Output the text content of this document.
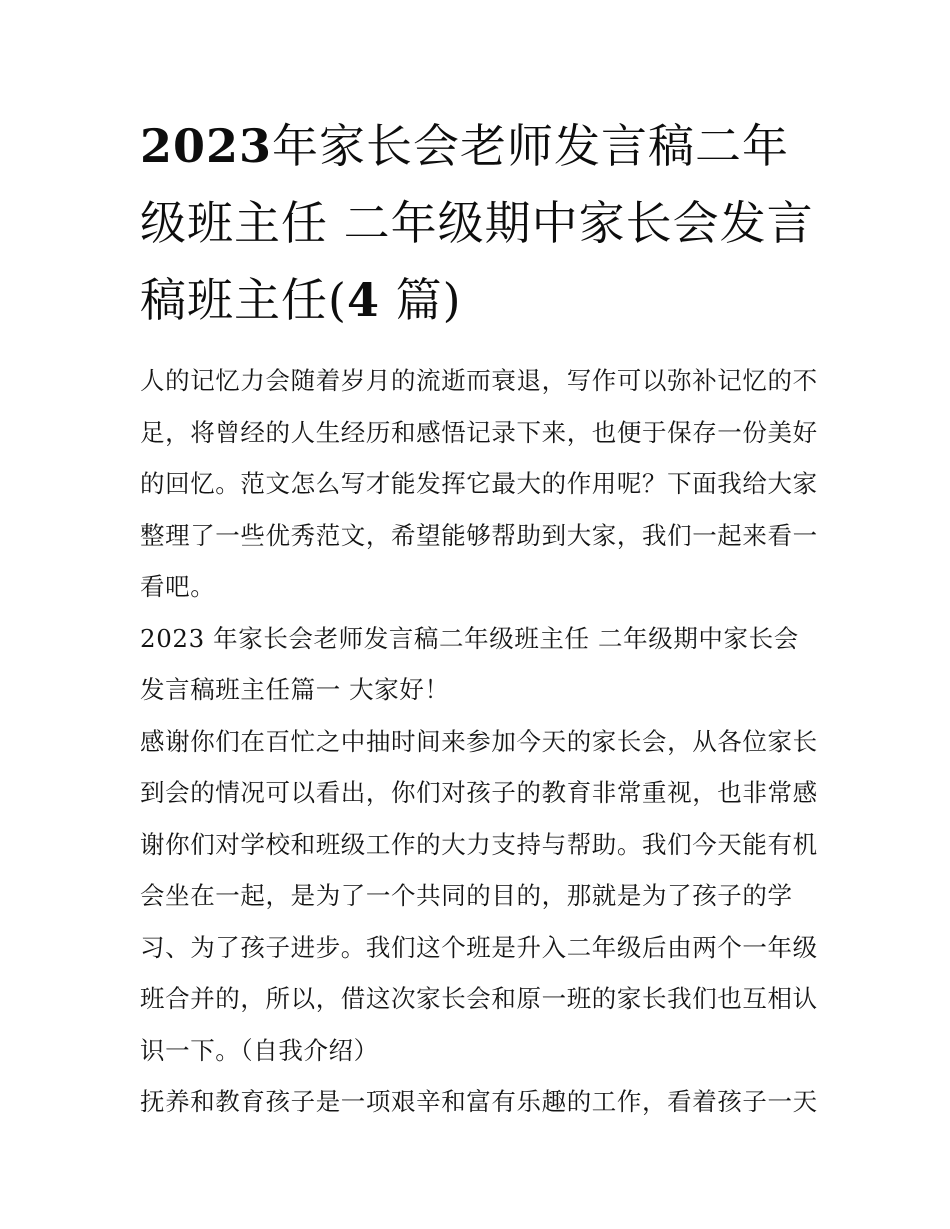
2023年家长会老师发言稿二年级班主任 二年级期中家长会发言稿班主任(4 篇)

人的记忆力会随着岁月的流逝而衰退，写作可以弥补记忆的不足，将曾经的人生经历和感悟记录下来，也便于保存一份美好的回忆。范文怎么写才能发挥它最大的作用呢？下面我给大家整理了一些优秀范文，希望能够帮助到大家，我们一起来看一看吧。

2023 年家长会老师发言稿二年级班主任 二年级期中家长会发言稿班主任篇一 大家好！

感谢你们在百忙之中抽时间来参加今天的家长会，从各位家长到会的情况可以看出，你们对孩子的教育非常重视，也非常感谢你们对学校和班级工作的大力支持与帮助。我们今天能有机会坐在一起，是为了一个共同的目的，那就是为了孩子的学习、为了孩子进步。我们这个班是升入二年级后由两个一年级班合并的，所以，借这次家长会和原一班的家长我们也互相认识一下。（自我介绍）

抚养和教育孩子是一项艰辛和富有乐趣的工作，看着孩子一天
